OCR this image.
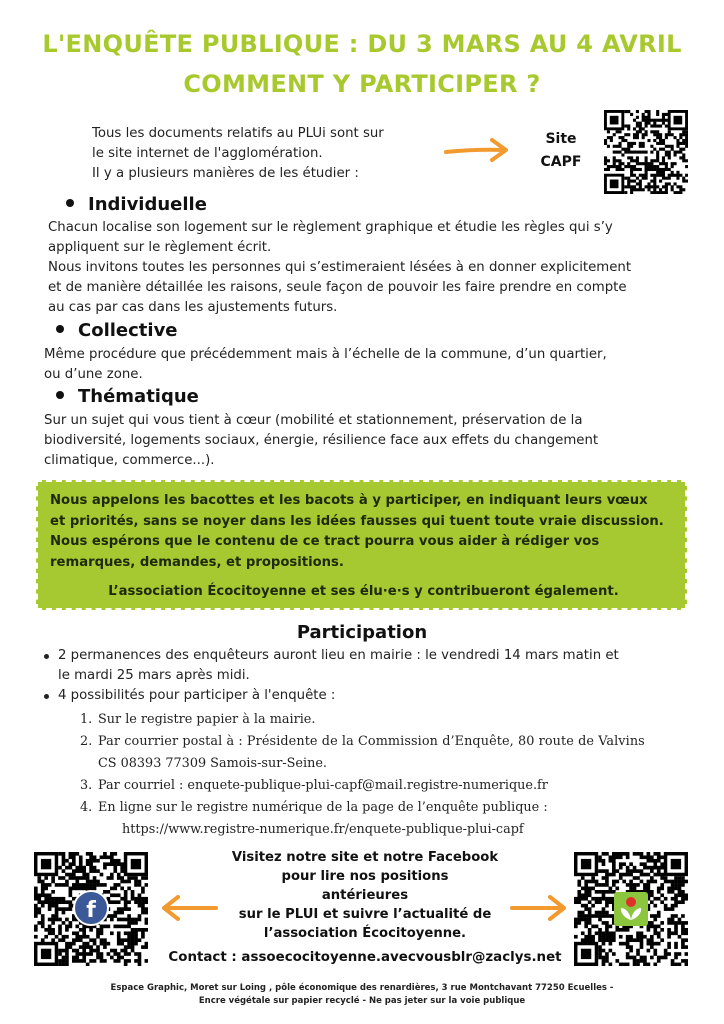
L'ENQUÊTE PUBLIQUE : DU 3 MARS AU 4 AVRIL
COMMENT Y PARTICIPER ?
Tous les documents relatifs au PLUi sont sur
le site internet de l'agglomération.
Il y a plusieurs manières de les étudier :
Site
CAPF
Individuelle
Chacun localise son logement sur le règlement graphique et étudie les règles qui s’y
appliquent sur le règlement écrit.
Nous invitons toutes les personnes qui s’estimeraient lésées à en donner explicitement
et de manière détaillée les raisons, seule façon de pouvoir les faire prendre en compte
au cas par cas dans les ajustements futurs.
Collective
Même procédure que précédemment mais à l’échelle de la commune, d’un quartier,
ou d’une zone.
Thématique
Sur un sujet qui vous tient à cœur (mobilité et stationnement, préservation de la
biodiversité, logements sociaux, énergie, résilience face aux effets du changement
climatique, commerce...).
Nous appelons les bacottes et les bacots à y participer, en indiquant leurs vœux
et priorités, sans se noyer dans les idées fausses qui tuent toute vraie discussion.
Nous espérons que le contenu de ce tract pourra vous aider à rédiger vos
remarques, demandes, et propositions.
L’association Écocitoyenne et ses élu·e·s y contribueront également.
Participation
2 permanences des enquêteurs auront lieu en mairie : le vendredi 14 mars matin et
le mardi 25 mars après midi.
4 possibilités pour participer à l'enquête :
1. Sur le registre papier à la mairie.
2. Par courrier postal à : Présidente de la Commission d’Enquête, 80 route de Valvins
CS 08393 77309 Samois-sur-Seine.
3. Par courriel : enquete-publique-plui-capf@mail.registre-numerique.fr
4. En ligne sur le registre numérique de la page de l’enquête publique :
https://www.registre-numerique.fr/enquete-publique-plui-capf
f
Visitez notre site et notre Facebook
pour lire nos positions
antérieures
sur le PLUI et suivre l’actualité de
l’association Écocitoyenne.
Contact : assoecocitoyenne.avecvousblr@zaclys.net
Espace Graphic, Moret sur Loing , pôle économique des renardières, 3 rue Montchavant 77250 Ecuelles -
Encre végétale sur papier recyclé - Ne pas jeter sur la voie publique
